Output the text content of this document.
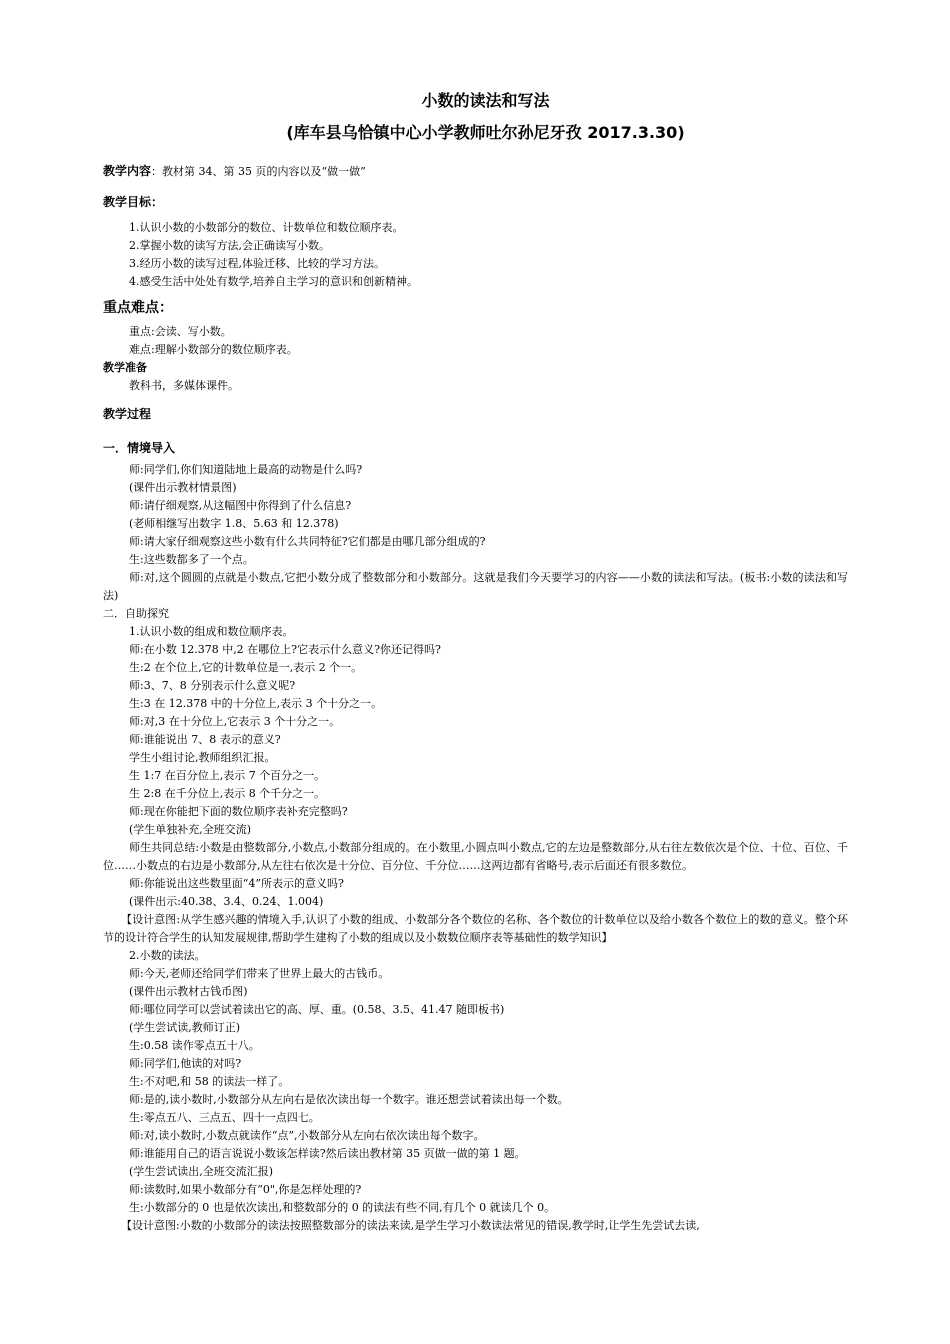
小数的读法和写法

(库车县乌恰镇中心小学教师吐尔孙尼牙孜 2017.3.30)

教学内容：教材第 34、第 35 页的内容以及“做一做”

教学目标：

1.认识小数的小数部分的数位、计数单位和数位顺序表。

2.掌握小数的读写方法,会正确读写小数。

3.经历小数的读写过程,体验迁移、比较的学习方法。

4.感受生活中处处有数学,培养自主学习的意识和创新精神。

重点难点：

重点:会读、写小数。

难点:理解小数部分的数位顺序表。

教学准备

教科书，多媒体课件。

教学过程

一．情境导入

师:同学们,你们知道陆地上最高的动物是什么吗?

(课件出示教材情景图)

师:请仔细观察,从这幅图中你得到了什么信息?

(老师相继写出数字 1.8、5.63 和 12.378)

师:请大家仔细观察这些小数有什么共同特征?它们都是由哪几部分组成的?

生:这些数都多了一个点。

师:对,这个圆圆的点就是小数点,它把小数分成了整数部分和小数部分。这就是我们今天要学习的内容——小数的读法和写法。(板书:小数的读法和写法)

二．自助探究

1.认识小数的组成和数位顺序表。

师:在小数 12.378 中,2 在哪位上?它表示什么意义?你还记得吗?

生:2 在个位上,它的计数单位是一,表示 2 个一。

师:3、7、8 分别表示什么意义呢?

生:3 在 12.378 中的十分位上,表示 3 个十分之一。

师:对,3 在十分位上,它表示 3 个十分之一。

师:谁能说出 7、8 表示的意义?

学生小组讨论,教师组织汇报。

生 1:7 在百分位上,表示 7 个百分之一。

生 2:8 在千分位上,表示 8 个千分之一。

师:现在你能把下面的数位顺序表补充完整吗?

(学生单独补充,全班交流)

师生共同总结:小数是由整数部分,小数点,小数部分组成的。在小数里,小圆点叫小数点,它的左边是整数部分,从右往左数依次是个位、十位、百位、千位……小数点的右边是小数部分,从左往右依次是十分位、百分位、千分位……这两边都有省略号,表示后面还有很多数位。

师:你能说出这些数里面“4”所表示的意义吗?

(课件出示:40.38、3.4、0.24、1.004)

【设计意图:从学生感兴趣的情境入手,认识了小数的组成、小数部分各个数位的名称、各个数位的计数单位以及给小数各个数位上的数的意义。整个环节的设计符合学生的认知发展规律,帮助学生建构了小数的组成以及小数数位顺序表等基础性的数学知识】

2.小数的读法。

师:今天,老师还给同学们带来了世界上最大的古钱币。

(课件出示教材古钱币图)

师:哪位同学可以尝试着读出它的高、厚、重。(0.58、3.5、41.47 随即板书)

(学生尝试读,教师订正)

生:0.58 读作零点五十八。

师:同学们,他读的对吗?

生:不对吧,和 58 的读法一样了。

师:是的,读小数时,小数部分从左向右是依次读出每一个数字。谁还想尝试着读出每一个数。

生:零点五八、三点五、四十一点四七。

师:对,读小数时,小数点就读作“点”,小数部分从左向右依次读出每个数字。

师:谁能用自己的语言说说小数该怎样读?然后读出教材第 35 页做一做的第 1 题。

(学生尝试读出,全班交流汇报)

师:读数时,如果小数部分有“0",你是怎样处理的?

生:小数部分的 0 也是依次读出,和整数部分的 0 的读法有些不同,有几个 0 就读几个 0。

【设计意图:小数的小数部分的读法按照整数部分的读法来读,是学生学习小数读法常见的错误,教学时,让学生先尝试去读,
